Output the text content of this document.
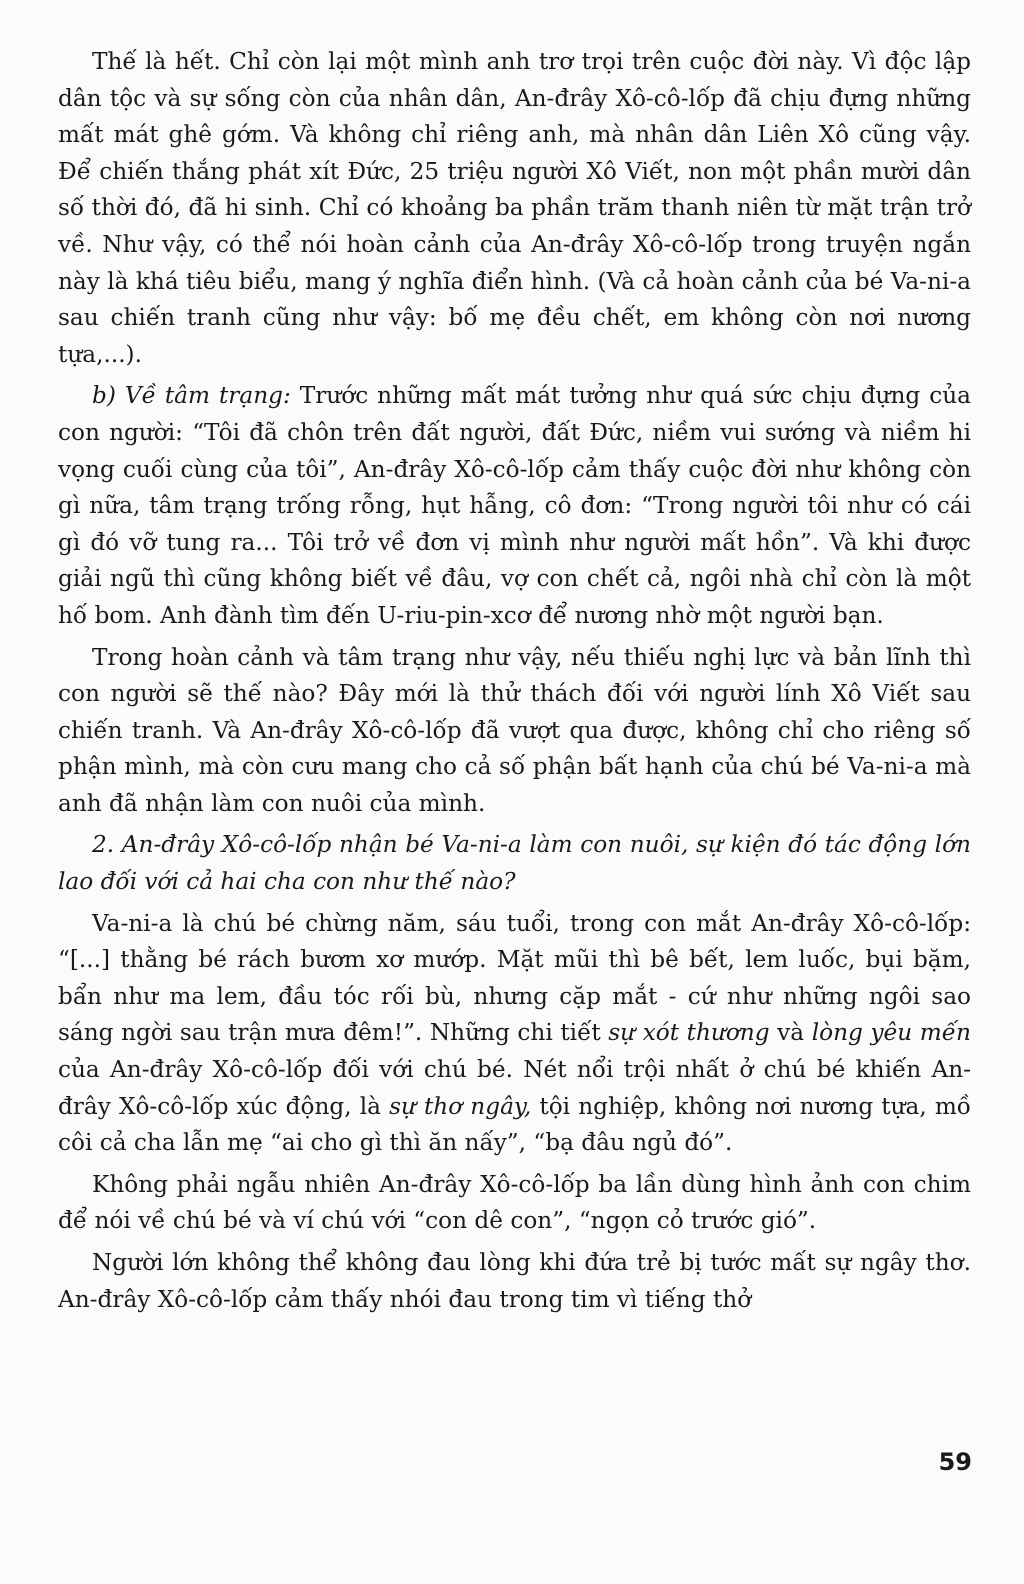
Thế là hết. Chỉ còn lại một mình anh trơ trọi trên cuộc đời này. Vì độc lập dân tộc và sự sống còn của nhân dân, An-đrây Xô-cô-lốp đã chịu đựng những mất mát ghê gớm. Và không chỉ riêng anh, mà nhân dân Liên Xô cũng vậy. Để chiến thắng phát xít Đức, 25 triệu người Xô Viết, non một phần mười dân số thời đó, đã hi sinh. Chỉ có khoảng ba phần trăm thanh niên từ mặt trận trở về. Như vậy, có thể nói hoàn cảnh của An-đrây Xô-cô-lốp trong truyện ngắn này là khá tiêu biểu, mang ý nghĩa điển hình. (Và cả hoàn cảnh của bé Va-ni-a sau chiến tranh cũng như vậy: bố mẹ đều chết, em không còn nơi nương tựa,...).

b) Về tâm trạng: Trước những mất mát tưởng như quá sức chịu đựng của con người: “Tôi đã chôn trên đất người, đất Đức, niềm vui sướng và niềm hi vọng cuối cùng của tôi”, An-đrây Xô-cô-lốp cảm thấy cuộc đời như không còn gì nữa, tâm trạng trống rỗng, hụt hẫng, cô đơn: “Trong người tôi như có cái gì đó vỡ tung ra... Tôi trở về đơn vị mình như người mất hồn”. Và khi được giải ngũ thì cũng không biết về đâu, vợ con chết cả, ngôi nhà chỉ còn là một hố bom. Anh đành tìm đến U-riu-pin-xcơ để nương nhờ một người bạn.

Trong hoàn cảnh và tâm trạng như vậy, nếu thiếu nghị lực và bản lĩnh thì con người sẽ thế nào? Đây mới là thử thách đối với người lính Xô Viết sau chiến tranh. Và An-đrây Xô-cô-lốp đã vượt qua được, không chỉ cho riêng số phận mình, mà còn cưu mang cho cả số phận bất hạnh của chú bé Va-ni-a mà anh đã nhận làm con nuôi của mình.

2. An-đrây Xô-cô-lốp nhận bé Va-ni-a làm con nuôi, sự kiện đó tác động lớn lao đối với cả hai cha con như thế nào?

Va-ni-a là chú bé chừng năm, sáu tuổi, trong con mắt An-đrây Xô-cô-lốp: “[...] thằng bé rách bươm xơ mướp. Mặt mũi thì bê bết, lem luốc, bụi bặm, bẩn như ma lem, đầu tóc rối bù, nhưng cặp mắt - cứ như những ngôi sao sáng ngời sau trận mưa đêm!”. Những chi tiết sự xót thương và lòng yêu mến của An-đrây Xô-cô-lốp đối với chú bé. Nét nổi trội nhất ở chú bé khiến An-đrây Xô-cô-lốp xúc động, là sự thơ ngây, tội nghiệp, không nơi nương tựa, mồ côi cả cha lẫn mẹ “ai cho gì thì ăn nấy”, “bạ đâu ngủ đó”.

Không phải ngẫu nhiên An-đrây Xô-cô-lốp ba lần dùng hình ảnh con chim để nói về chú bé và ví chú với “con dê con”, “ngọn cỏ trước gió”.

Người lớn không thể không đau lòng khi đứa trẻ bị tước mất sự ngây thơ. An-đrây Xô-cô-lốp cảm thấy nhói đau trong tim vì tiếng thở

59
